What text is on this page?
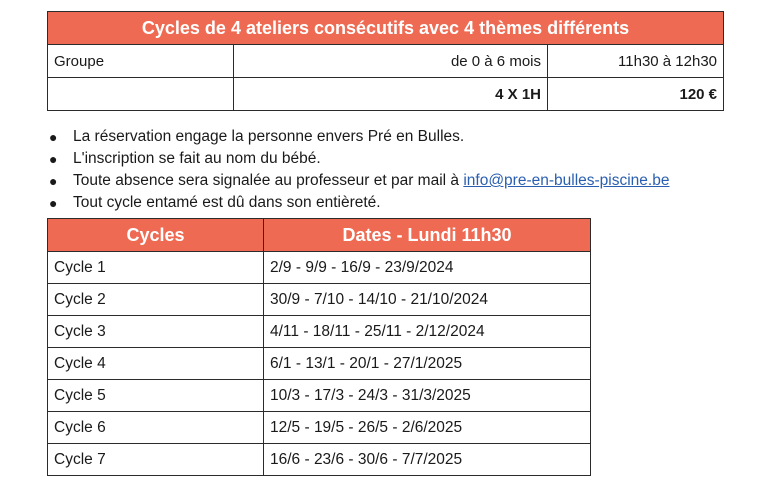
Cycles de 4 ateliers consécutifs avec 4 thèmes différents		
Groupe	de 0 à 6 mois	11h30 à 12h30
	4 X 1H	120 €
● La réservation engage la personne envers Pré en Bulles.
● L'inscription se fait au nom du bébé.
● Toute absence sera signalée au professeur et par mail à info@pre-en-bulles-piscine.be
● Tout cycle entamé est dû dans son entièreté.
Cycles	Dates - Lundi 11h30
Cycle 1	2/9 - 9/9 - 16/9 - 23/9/2024
Cycle 2	30/9 - 7/10 - 14/10 - 21/10/2024
Cycle 3	4/11 - 18/11 - 25/11 - 2/12/2024
Cycle 4	6/1 - 13/1 - 20/1 - 27/1/2025
Cycle 5	10/3 - 17/3 - 24/3 - 31/3/2025
Cycle 6	12/5 - 19/5 - 26/5 - 2/6/2025
Cycle 7	16/6 - 23/6 - 30/6 - 7/7/2025
